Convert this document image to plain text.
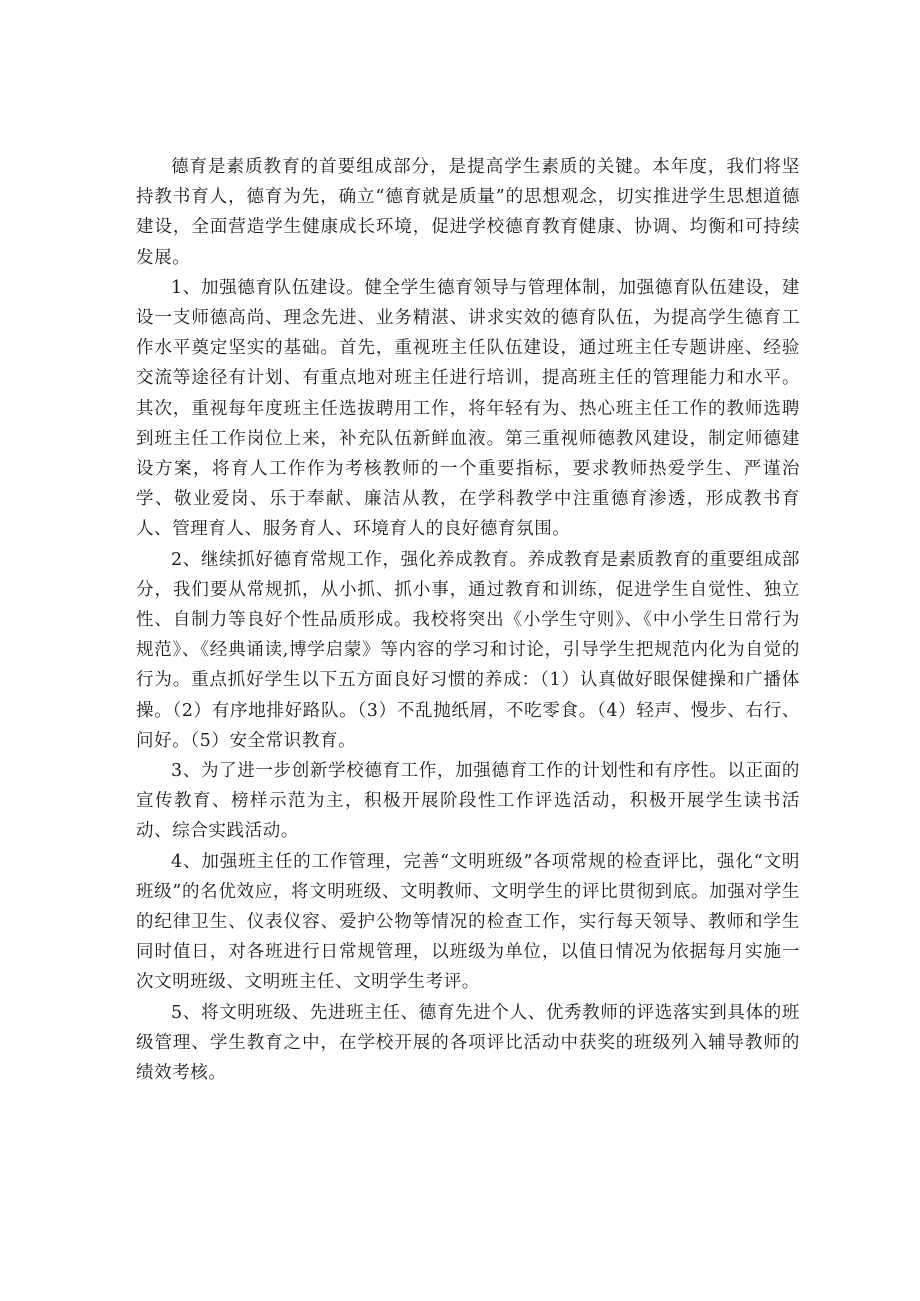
德育是素质教育的首要组成部分，是提高学生素质的关键。本年度，我们将坚持教书育人，德育为先，确立“德育就是质量”的思想观念，切实推进学生思想道德建设，全面营造学生健康成长环境，促进学校德育教育健康、协调、均衡和可持续发展。

1、加强德育队伍建设。健全学生德育领导与管理体制，加强德育队伍建设，建设一支师德高尚、理念先进、业务精湛、讲求实效的德育队伍，为提高学生德育工作水平奠定坚实的基础。首先，重视班主任队伍建设，通过班主任专题讲座、经验交流等途径有计划、有重点地对班主任进行培训，提高班主任的管理能力和水平。其次，重视每年度班主任选拔聘用工作，将年轻有为、热心班主任工作的教师选聘到班主任工作岗位上来，补充队伍新鲜血液。第三重视师德教风建设，制定师德建设方案，将育人工作作为考核教师的一个重要指标，要求教师热爱学生、严谨治学、敬业爱岗、乐于奉献、廉洁从教，在学科教学中注重德育渗透，形成教书育人、管理育人、服务育人、环境育人的良好德育氛围。

2、继续抓好德育常规工作，强化养成教育。养成教育是素质教育的重要组成部分，我们要从常规抓，从小抓、抓小事，通过教育和训练，促进学生自觉性、独立性、自制力等良好个性品质形成。我校将突出《小学生守则》、《中小学生日常行为规范》、《经典诵读,博学启蒙》等内容的学习和讨论，引导学生把规范内化为自觉的行为。重点抓好学生以下五方面良好习惯的养成：（1）认真做好眼保健操和广播体操。（2）有序地排好路队。（3）不乱抛纸屑，不吃零食。（4）轻声、慢步、右行、问好。（5）安全常识教育。

3、为了进一步创新学校德育工作，加强德育工作的计划性和有序性。以正面的宣传教育、榜样示范为主，积极开展阶段性工作评选活动，积极开展学生读书活动、综合实践活动。

4、加强班主任的工作管理，完善“文明班级”各项常规的检查评比，强化“文明班级”的名优效应，将文明班级、文明教师、文明学生的评比贯彻到底。加强对学生的纪律卫生、仪表仪容、爱护公物等情况的检查工作，实行每天领导、教师和学生同时值日，对各班进行日常规管理，以班级为单位，以值日情况为依据每月实施一次文明班级、文明班主任、文明学生考评。

5、将文明班级、先进班主任、德育先进个人、优秀教师的评选落实到具体的班级管理、学生教育之中，在学校开展的各项评比活动中获奖的班级列入辅导教师的绩效考核。
